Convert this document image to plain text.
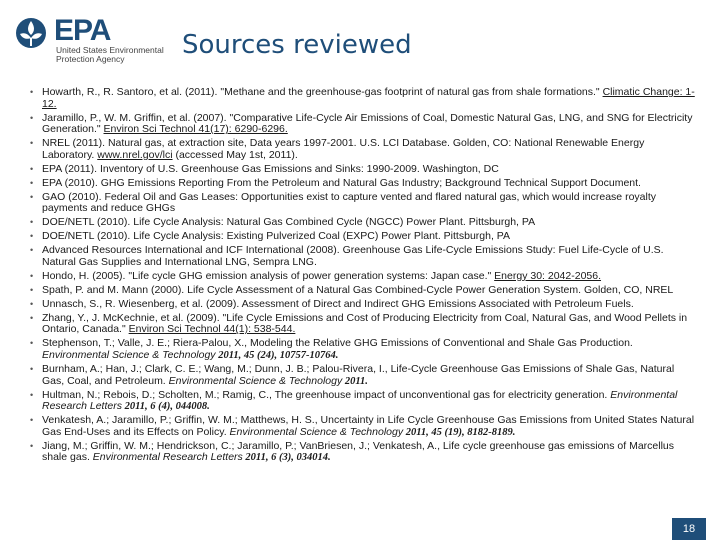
EPA
United States Environmental Protection Agency	Sources reviewed
• Howarth, R., R. Santoro, et al. (2011). "Methane and the greenhouse-gas footprint of natural gas from shale formations." Climatic Change: 1-12.
• Jaramillo, P., W. M. Griffin, et al. (2007). "Comparative Life-Cycle Air Emissions of Coal, Domestic Natural Gas, LNG, and SNG for Electricity Generation." Environ Sci Technol 41(17): 6290-6296.
• NREL (2011). Natural gas, at extraction site, Data years 1997-2001. U.S. LCI Database. Golden, CO: National Renewable Energy Laboratory. www.nrel.gov/lci (accessed May 1st, 2011).
• EPA (2011). Inventory of U.S. Greenhouse Gas Emissions and Sinks: 1990-2009. Washington, DC
• EPA (2010). GHG Emissions Reporting From the Petroleum and Natural Gas Industry; Background Technical Support Document.
• GAO (2010). Federal Oil and Gas Leases: Opportunities exist to capture vented and flared natural gas, which would increase royalty payments and reduce GHGs
• DOE/NETL (2010). Life Cycle Analysis: Natural Gas Combined Cycle (NGCC) Power Plant. Pittsburgh, PA
• DOE/NETL (2010). Life Cycle Analysis: Existing Pulverized Coal (EXPC) Power Plant. Pittsburgh, PA
• Advanced Resources International and ICF International (2008). Greenhouse Gas Life-Cycle Emissions Study: Fuel Life-Cycle of U.S. Natural Gas Supplies and International LNG, Sempra LNG.
• Hondo, H. (2005). "Life cycle GHG emission analysis of power generation systems: Japan case." Energy 30: 2042-2056.
• Spath, P. and M. Mann (2000). Life Cycle Assessment of a Natural Gas Combined-Cycle Power Generation System. Golden, CO, NREL
• Unnasch, S., R. Wiesenberg, et al. (2009). Assessment of Direct and Indirect GHG Emissions Associated with Petroleum Fuels.
• Zhang, Y., J. McKechnie, et al. (2009). "Life Cycle Emissions and Cost of Producing Electricity from Coal, Natural Gas, and Wood Pellets in Ontario, Canada." Environ Sci Technol 44(1): 538-544.
• Stephenson, T.; Valle, J. E.; Riera-Palou, X., Modeling the Relative GHG Emissions of Conventional and Shale Gas Production. Environmental Science & Technology 2011, 45 (24), 10757-10764.
• Burnham, A.; Han, J.; Clark, C. E.; Wang, M.; Dunn, J. B.; Palou-Rivera, I., Life-Cycle Greenhouse Gas Emissions of Shale Gas, Natural Gas, Coal, and Petroleum. Environmental Science & Technology 2011.
• Hultman, N.; Rebois, D.; Scholten, M.; Ramig, C., The greenhouse impact of unconventional gas for electricity generation. Environmental Research Letters 2011, 6 (4), 044008.
• Venkatesh, A.; Jaramillo, P.; Griffin, W. M.; Matthews, H. S., Uncertainty in Life Cycle Greenhouse Gas Emissions from United States Natural Gas End-Uses and its Effects on Policy. Environmental Science & Technology 2011, 45 (19), 8182-8189.
• Jiang, M.; Griffin, W. M.; Hendrickson, C.; Jaramillo, P.; VanBriesen, J.; Venkatesh, A., Life cycle greenhouse gas emissions of Marcellus shale gas. Environmental Research Letters 2011, 6 (3), 034014.
18
